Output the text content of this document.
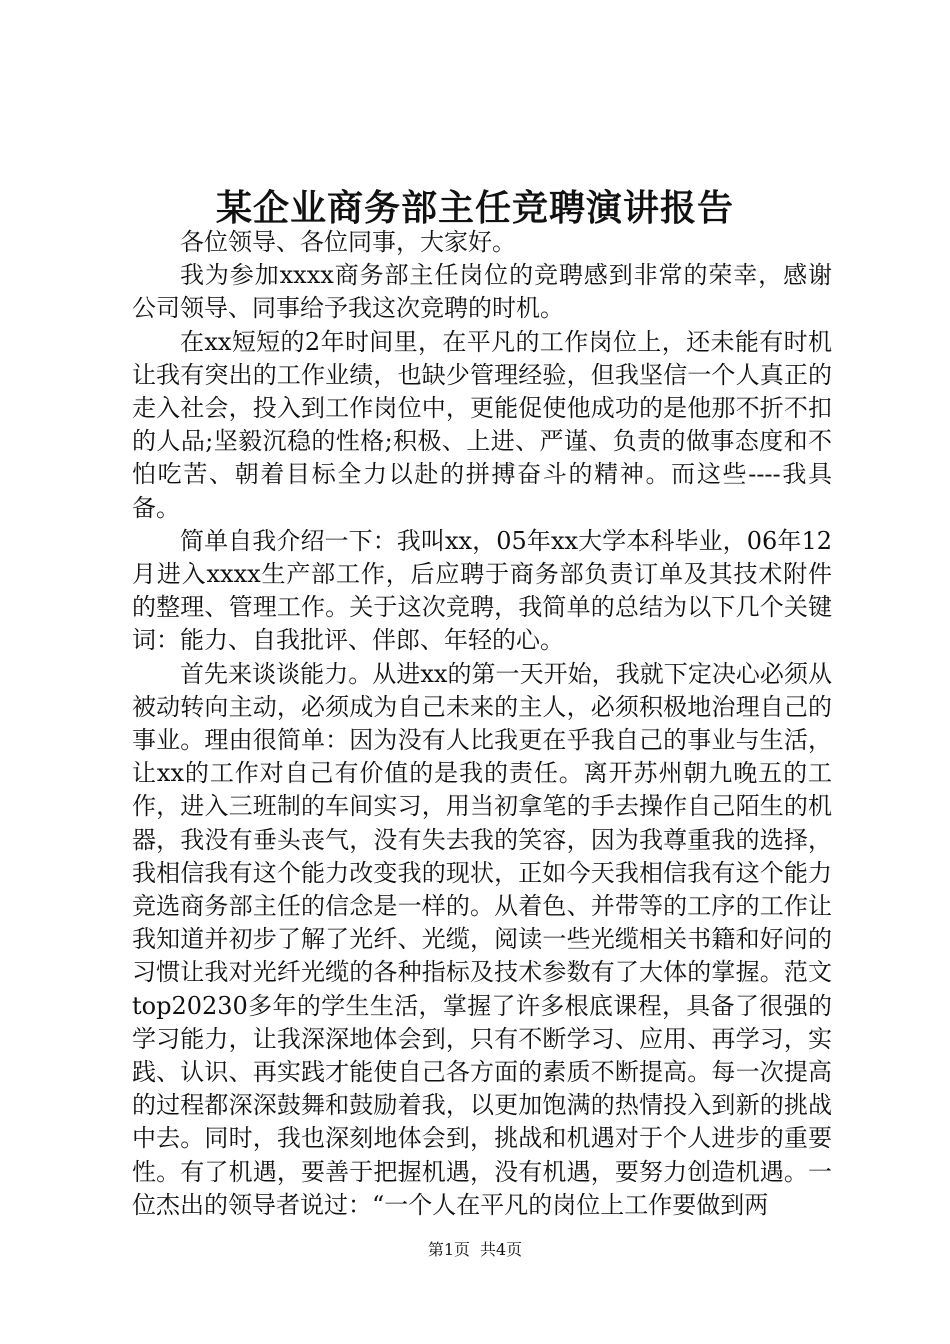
某企业商务部主任竞聘演讲报告

各位领导、各位同事，大家好。

我为参加xxxx商务部主任岗位的竞聘感到非常的荣幸，感谢公司领导、同事给予我这次竞聘的时机。

在xx短短的2年时间里，在平凡的工作岗位上，还未能有时机让我有突出的工作业绩，也缺少管理经验，但我坚信一个人真正的走入社会，投入到工作岗位中，更能促使他成功的是他那不折不扣的人品;坚毅沉稳的性格;积极、上进、严谨、负责的做事态度和不怕吃苦、朝着目标全力以赴的拼搏奋斗的精神。而这些----我具备。

简单自我介绍一下：我叫xx，05年xx大学本科毕业，06年12月进入xxxx生产部工作，后应聘于商务部负责订单及其技术附件的整理、管理工作。关于这次竞聘，我简单的总结为以下几个关键词：能力、自我批评、伴郎、年轻的心。

首先来谈谈能力。从进xx的第一天开始，我就下定决心必须从被动转向主动，必须成为自己未来的主人，必须积极地治理自己的事业。理由很简单：因为没有人比我更在乎我自己的事业与生活，让xx的工作对自己有价值的是我的责任。离开苏州朝九晚五的工作，进入三班制的车间实习，用当初拿笔的手去操作自己陌生的机器，我没有垂头丧气，没有失去我的笑容，因为我尊重我的选择，我相信我有这个能力改变我的现状，正如今天我相信我有这个能力竞选商务部主任的信念是一样的。从着色、并带等的工序的工作让我知道并初步了解了光纤、光缆，阅读一些光缆相关书籍和好问的习惯让我对光纤光缆的各种指标及技术参数有了大体的掌握。范文top20230多年的学生生活，掌握了许多根底课程，具备了很强的学习能力，让我深深地体会到，只有不断学习、应用、再学习，实践、认识、再实践才能使自己各方面的素质不断提高。每一次提高的过程都深深鼓舞和鼓励着我，以更加饱满的热情投入到新的挑战中去。同时，我也深刻地体会到，挑战和机遇对于个人进步的重要性。有了机遇，要善于把握机遇，没有机遇，要努力创造机遇。一位杰出的领导者说过：“一个人在平凡的岗位上工作要做到两

第1页 共4页
